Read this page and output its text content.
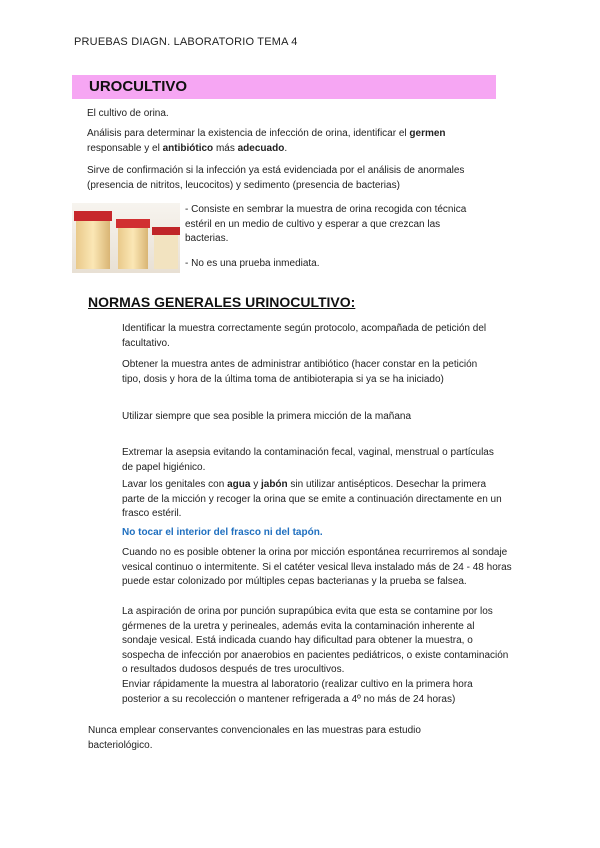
PRUEBAS DIAGN. LABORATORIO TEMA 4
UROCULTIVO

El cultivo de orina.

Análisis para determinar la existencia de infección de orina, identificar el germen responsable y el antibiótico más adecuado.

Sirve de confirmación si la infección ya está evidenciada por el análisis de anormales (presencia de nitritos, leucocitos) y sedimento (presencia de bacterias)

- Consiste en sembrar la muestra de orina recogida con técnica estéril en un medio de cultivo y esperar a que crezcan las bacterias.

- No es una prueba inmediata.

NORMAS GENERALES URINOCULTIVO:

Identificar la muestra correctamente según protocolo, acompañada de petición del facultativo.

Obtener la muestra antes de administrar antibiótico (hacer constar en la petición tipo, dosis y hora de la última toma de antibioterapia si ya se ha iniciado)

Utilizar siempre que sea posible la primera micción de la mañana

Extremar la asepsia evitando la contaminación fecal, vaginal, menstrual o partículas de papel higiénico.

Lavar los genitales con agua y jabón sin utilizar antisépticos. Desechar la primera parte de la micción y recoger la orina que se emite a continuación directamente en un frasco estéril.

No tocar el interior del frasco ni del tapón.

Cuando no es posible obtener la orina por micción espontánea recurriremos al sondaje vesical continuo o intermitente. Si el catéter vesical lleva instalado más de 24 - 48 horas puede estar colonizado por múltiples cepas bacterianas y la prueba se falsea.

La aspiración de orina por punción suprapúbica evita que esta se contamine por los gérmenes de la uretra y perineales, además evita la contaminación inherente al sondaje vesical. Está indicada cuando hay dificultad para obtener la muestra, o sospecha de infección por anaerobios en pacientes pediátricos, o existe contaminación o resultados dudosos después de tres urocultivos.

Enviar rápidamente la muestra al laboratorio (realizar cultivo en la primera hora posterior a su recolección o mantener refrigerada a 4º no más de 24 horas)

Nunca emplear conservantes convencionales en las muestras para estudio bacteriológico.
